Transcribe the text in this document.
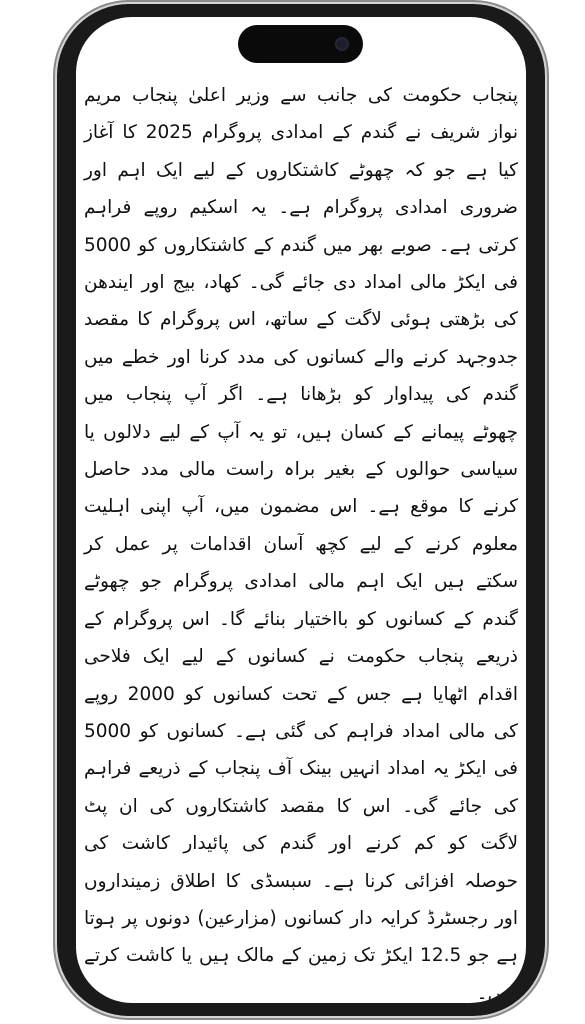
پنجاب حکومت کی جانب سے وزیر اعلیٰ پنجاب مریم نواز شریف نے گندم کے امدادی پروگرام 2025 کا آغاز کیا ہے جو کہ چھوٹے کاشتکاروں کے لیے ایک اہم اور ضروری امدادی پروگرام ہے۔ یہ اسکیم روپے فراہم کرتی ہے۔ صوبے بھر میں گندم کے کاشتکاروں کو 5000 فی ایکڑ مالی امداد دی جائے گی۔ کھاد، بیج اور ایندھن کی بڑھتی ہوئی لاگت کے ساتھ، اس پروگرام کا مقصد جدوجہد کرنے والے کسانوں کی مدد کرنا اور خطے میں گندم کی پیداوار کو بڑھانا ہے۔ اگر آپ پنجاب میں چھوٹے پیمانے کے کسان ہیں، تو یہ آپ کے لیے دلالوں یا سیاسی حوالوں کے بغیر براہ راست مالی مدد حاصل کرنے کا موقع ہے۔ اس مضمون میں، آپ اپنی اہلیت معلوم کرنے کے لیے کچھ آسان اقدامات پر عمل کر سکتے ہیں ایک اہم مالی امدادی پروگرام جو چھوٹے گندم کے کسانوں کو بااختیار بنائے گا۔ اس پروگرام کے ذریعے پنجاب حکومت نے کسانوں کے لیے ایک فلاحی اقدام اٹھایا ہے جس کے تحت کسانوں کو 2000 روپے کی مالی امداد فراہم کی گئی ہے۔ کسانوں کو 5000 فی ایکڑ یہ امداد انہیں بینک آف پنجاب کے ذریعے فراہم کی جائے گی۔ اس کا مقصد کاشتکاروں کی ان پٹ لاگت کو کم کرنے اور گندم کی پائیدار کاشت کی حوصلہ افزائی کرنا ہے۔ سبسڈی کا اطلاق زمینداروں اور رجسٹرڈ کرایہ دار کسانوں (مزارعین) دونوں پر ہوتا ہے جو 12.5 ایکڑ تک زمین کے مالک ہیں یا کاشت کرتے ہیں۔
